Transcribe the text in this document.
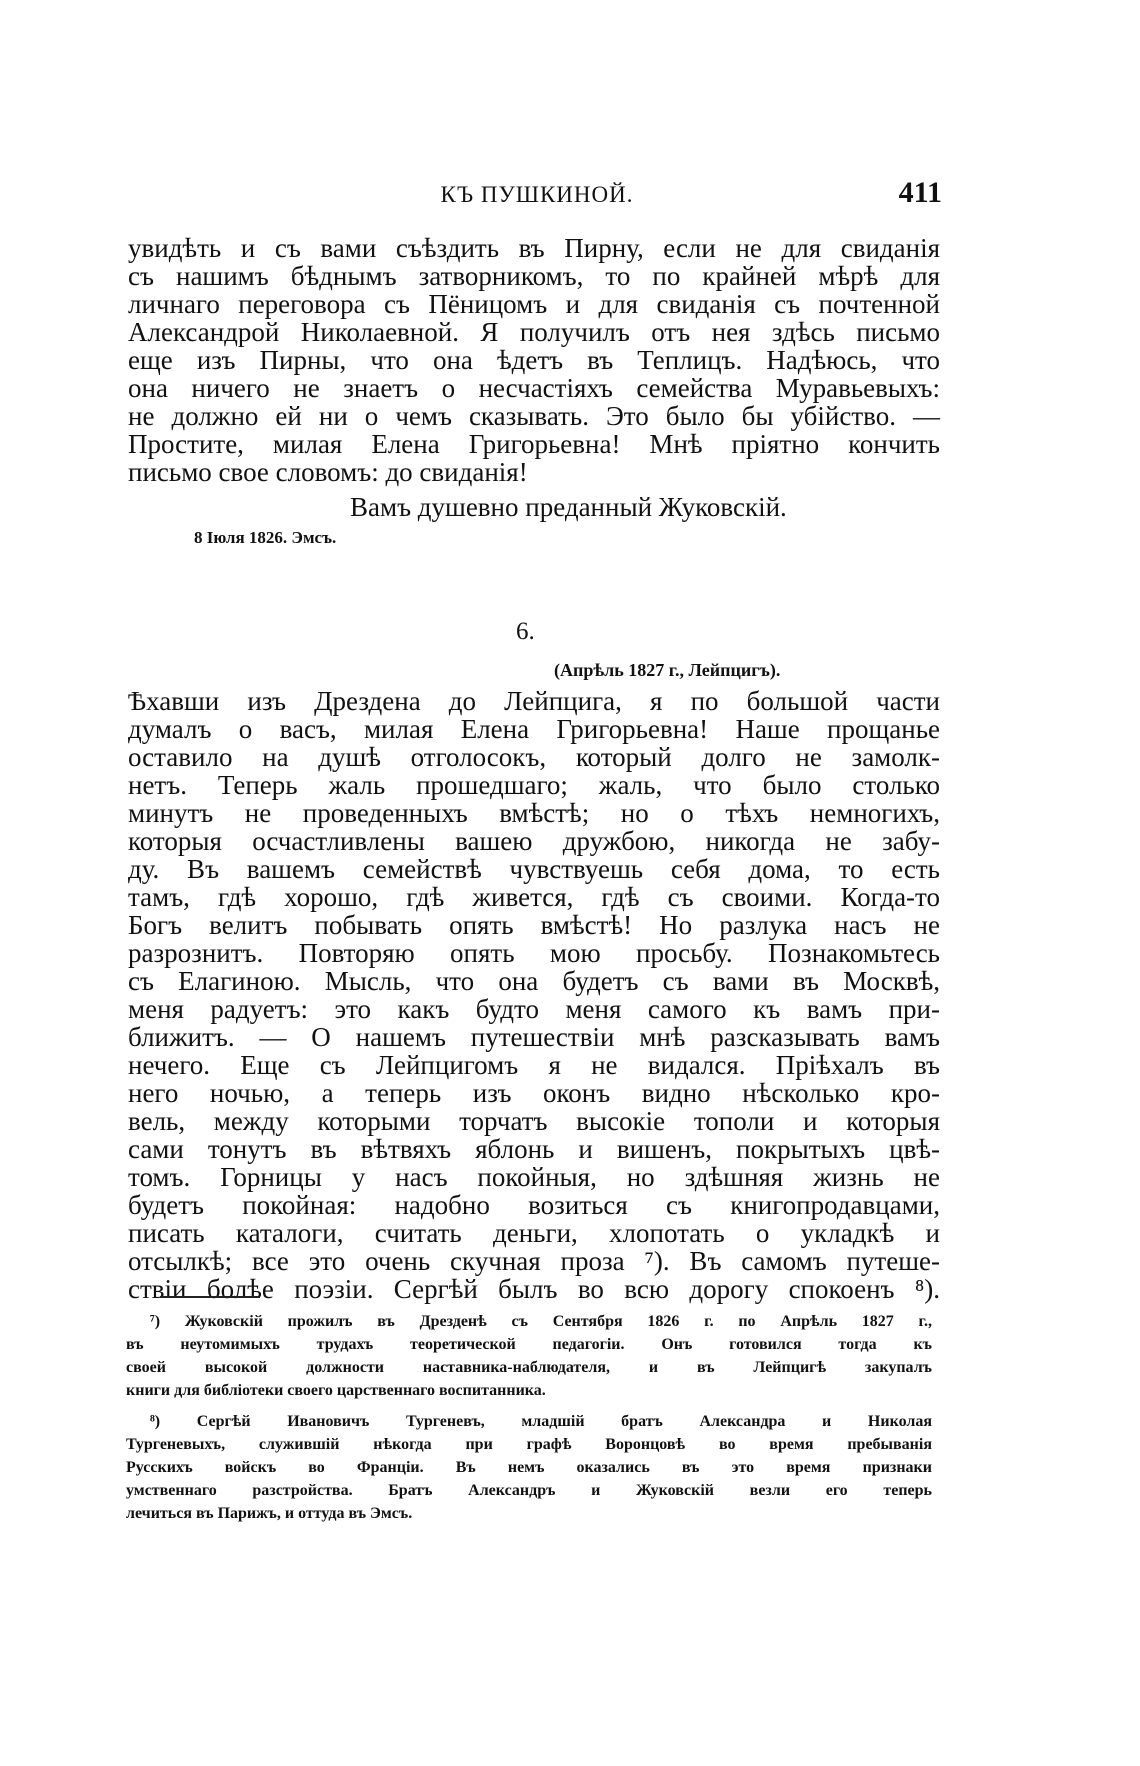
КЪ ПУШКИНОЙ.	411
увидѣть и съ вами съѣздить въ Пирну, если не для свиданія
съ нашимъ бѣднымъ затворникомъ, то по крайней мѣрѣ для
личнаго переговора съ Пёницомъ и для свиданія съ почтенной
Александрой Николаевной. Я получилъ отъ нея здѣсь письмо
еще изъ Пирны, что она ѣдетъ въ Теплицъ. Надѣюсь, что
она ничего не знаетъ о несчастіяхъ семейства Муравьевыхъ:
не должно ей ни о чемъ сказывать. Это было бы убійство. —
Простите, милая Елена Григорьевна! Мнѣ пріятно кончить
письмо свое словомъ: до свиданія!
Вамъ душевно преданный Жуковскій.
8 Іюля 1826. Эмсъ.
6.
(Апрѣль 1827 г., Лейпцигъ).
Ѣхавши изъ Дрездена до Лейпцига, я по большой части
думалъ о васъ, милая Елена Григорьевна! Наше прощанье
оставило на душѣ отголосокъ, который долго не замолк-
нетъ. Теперь жаль прошедшаго; жаль, что было столько
минутъ не проведенныхъ вмѣстѣ; но о тѣхъ немногихъ,
которыя осчастливлены вашею дружбою, никогда не забу-
ду. Въ вашемъ семействѣ чувствуешь себя дома, то есть
тамъ, гдѣ хорошо, гдѣ живется, гдѣ съ своими. Когда-то
Богъ велитъ побывать опять вмѣстѣ! Но разлука насъ не
разрознитъ. Повторяю опять мою просьбу. Познакомьтесь
съ Елагиною. Мысль, что она будетъ съ вами въ Москвѣ,
меня радуетъ: это какъ будто меня самого къ вамъ при-
ближитъ. — О нашемъ путешествіи мнѣ разсказывать вамъ
нечего. Еще съ Лейпцигомъ я не видался. Пріѣхалъ въ
него ночью, а теперь изъ оконъ видно нѣсколько кро-
вель, между которыми торчатъ высокіе тополи и которыя
сами тонутъ въ вѣтвяхъ яблонь и вишенъ, покрытыхъ цвѣ-
томъ. Горницы у насъ покойныя, но здѣшняя жизнь не
будетъ покойная: надобно возиться съ книгопродавцами,
писать каталоги, считать деньги, хлопотать о укладкѣ и
отсылкѣ; все это очень скучная проза ⁷). Въ самомъ путеше-
ствіи болѣе поэзіи. Сергѣй былъ во всю дорогу спокоенъ ⁸).
⁷) Жуковскій прожилъ въ Дрезденѣ съ Сентября 1826 г. по Апрѣль 1827 г.,
въ неутомимыхъ трудахъ теоретической педагогіи. Онъ готовился тогда къ
своей высокой должности наставника-наблюдателя, и въ Лейпцигѣ закупалъ
книги для библіотеки своего царственнаго воспитанника.
⁸) Сергѣй Ивановичъ Тургеневъ, младшій братъ Александра и Николая
Тургеневыхъ, служившій нѣкогда при графѣ Воронцовѣ во время пребыванія
Русскихъ войскъ во Франціи. Въ немъ оказались въ это время признаки
умственнаго разстройства. Братъ Александръ и Жуковскій везли его теперь
лечиться въ Парижъ, и оттуда въ Эмсъ.
